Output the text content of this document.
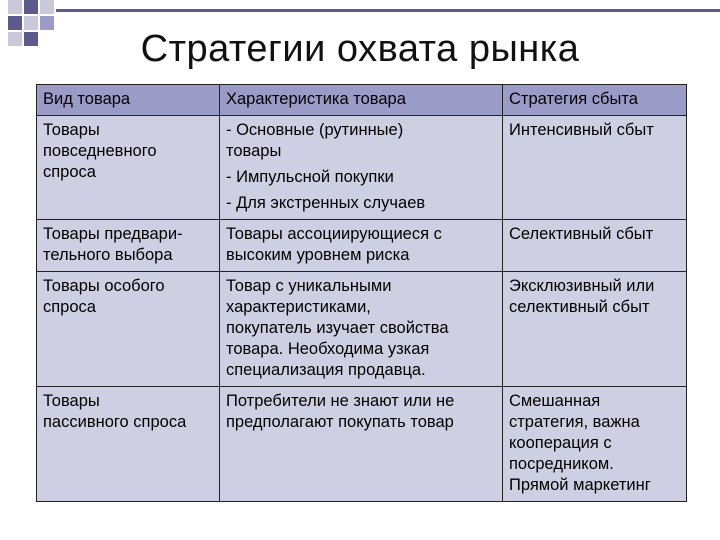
Стратегии охвата рынка
Вид товара	Характеристика товара	Стратегия сбыта

Товары
повседневного
спроса	- Основные (рутинные)
товары
- Импульсной покупки
- Для экстренных случаев	Интенсивный сбыт

Товары предвари-
тельного выбора	Товары ассоциирующиеся с
высоким уровнем риска	Селективный сбыт

Товары особого
спроса	Товар с уникальными
характеристиками,
покупатель изучает свойства
товара. Необходима узкая
специализация продавца.	Эксклюзивный или
селективный сбыт

Товары
пассивного спроса	Потребители не знают или не
предполагают покупать товар	Смешанная
стратегия, важна
кооперация с
посредником.
Прямой маркетинг
